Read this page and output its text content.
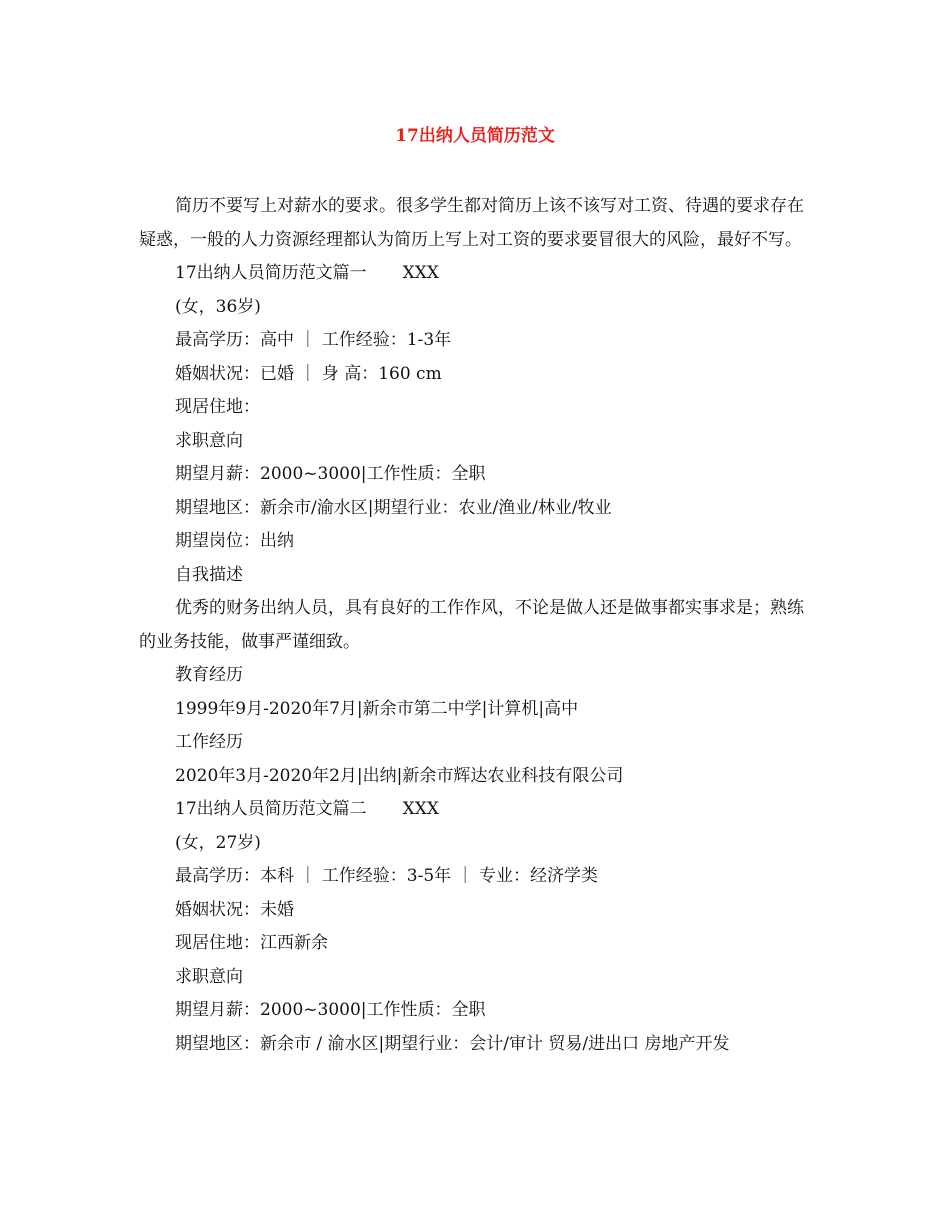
17出纳人员简历范文

简历不要写上对薪水的要求。很多学生都对简历上该不该写对工资、待遇的要求存在疑惑，一般的人力资源经理都认为简历上写上对工资的要求要冒很大的风险，最好不写。

17出纳人员简历范文篇一 XXX
(女，36岁)
最高学历：高中 ｜ 工作经验：1-3年
婚姻状况：已婚 ｜ 身 高：160 cm
现居住地：
求职意向
期望月薪：2000~3000|工作性质：全职
期望地区：新余市/渝水区|期望行业：农业/渔业/林业/牧业
期望岗位：出纳
自我描述

优秀的财务出纳人员，具有良好的工作作风，不论是做人还是做事都实事求是；熟练的业务技能，做事严谨细致。

教育经历
1999年9月-2020年7月|新余市第二中学|计算机|高中
工作经历
2020年3月-2020年2月|出纳|新余市辉达农业科技有限公司
17出纳人员简历范文篇二 XXX
(女，27岁)
最高学历：本科 ｜ 工作经验：3-5年 ｜ 专业：经济学类
婚姻状况：未婚
现居住地：江西新余
求职意向
期望月薪：2000~3000|工作性质：全职
期望地区：新余市 / 渝水区|期望行业：会计/审计 贸易/进出口 房地产开发
